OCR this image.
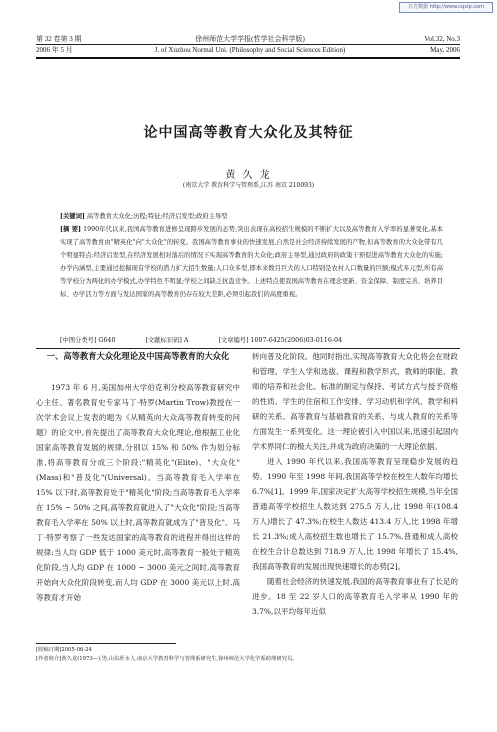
万方数据 http://www.cqvip.com
第 32 卷第 3 期
2006 年 5 月
徐州师范大学学报(哲学社会科学版)
J. of Xuzhou Normal Uni. (Philosophy and Social Sciences Edition)
Vol.32, No.3
May, 2006
论中国高等教育大众化及其特征
黄 久 龙
(南京大学 教育科学与管理系,江苏 南京 210093)
[关键词] 高等教育大众化;历程;特征;经济启发型;政府主导型
[摘 要] 1990年代以来,我国高等教育进修呈现跨步发展的态势,突出表现在高校招生规模的不断扩大以及高等教育入学率的显著变化,基本实现了高等教育由"精英化"向"大众化"的转变。我国高等教育事业的快速发展,自然是社会经济持续发展的产物,但高等教育的大众化带有几个明显特点:经济启发型,在经济发展相对落后的情况下实现高等教育的大众化;政府主导型,通过政府的政策干预促进高等教育大众化的实施;办学内涵型,主要通过挖掘现有学校的潜力扩大招生数量;人口众多型,即本来数目巨大的人口特别是农村人口数量的巨额;模式多元型,所有高等学校分为两化的办学模式,办学特色不明显;学校之间缺乏抗蛊竞争。上述特点使我国高等教育在理念更新、资金保障、制度完善、培养目标、办学活力等方面与发达国家的高等教育仍存在较大差距,必须引起我们的高度重视。
[中图分类号] G640	[文献标识码] A	[文章编号] 1007-6425(2006)03-0116-04
一、高等教育大众化理论及中国高等教育的大众化

1973 年 6 月,美国加州大学伯克利分校高等教育研究中心主任、著名教育史专家马丁·特罗(Martin Trow)教授在一次学术会议上发表的题为《从精英向大众高等教育转变的问题》的论文中,首先提出了高等教育大众化理论,他根据工业化国家高等教育发展的规律,分别以 15% 和 50% 作为划分标准,将高等教育分成三个阶段:"精英化"(Elite)、"大众化"(Mass)和"普及化"(Universal)。当高等教育毛入学率在 15% 以下时,高等教育处于"精英化"阶段;当高等教育毛入学率在 15% ~ 50% 之间,高等教育就进入了"大众化"阶段;当高等教育毛入学率在 50% 以上时,高等教育就成为了"普及化"。马丁·特罗考察了一些发达国家的高等教育的进程并得出这样的规律:当人均 GDP 低于 1000 美元时,高等教育一般处于精英化阶段,当人均 GDP 在 1000 ~ 3000 美元之间时,高等教育开始向大众化阶段转变,而人均 GDP 在 3000 美元以上时,高等教育才开始

转向普及化阶段。他同时指出,实现高等教育大众化将会在财政和管理、学生入学和选拔、课程和教学形式、教师的职能、教师的培养和社会化、标准的制定与保持、考试方式与授予资格的性质、学生的住宿和工作安排、学习动机和学风、教学和科研的关系、高等教育与基础教育的关系、与成人教育的关系等方面发生一系列变化。这一理论被引入中国以来,迅速引起国内学术界同仁的极大关注,并成为政府决策的一大理论依据。

进入 1990 年代以来,我国高等教育呈现稳步发展的趋势。1990 年至 1998 年间,我国高等学校在校生人数年均增长 6.7%[1]。1999 年,国家决定扩大高等学校招生规模,当年全国普通高等学校招生人数达到 275.5 万人,比 1998 年(108.4 万人)增长了 47.3%;在校生人数达 413.4 万人,比 1998 年增长 21.3%;成人高校招生数也增长了 15.7%,普通和成人高校在校生合计总数达到 718.9 万人,比 1998 年增长了 15.4%,我国高等教育的发展出现快速增长的态势[2]。

随着社会经济的快速发展,我国的高等教育事业有了长足的进步。18 至 22 岁人口的高等教育毛入学率从 1990 年的 3.7%,以平均每年近似

[收稿日期]2005-06-24
[作者简介]黄久龙(1973—),男,山东肝水人,南京大学教育科学与管理系研究生,徐州师范大学化学系助理研究员。
